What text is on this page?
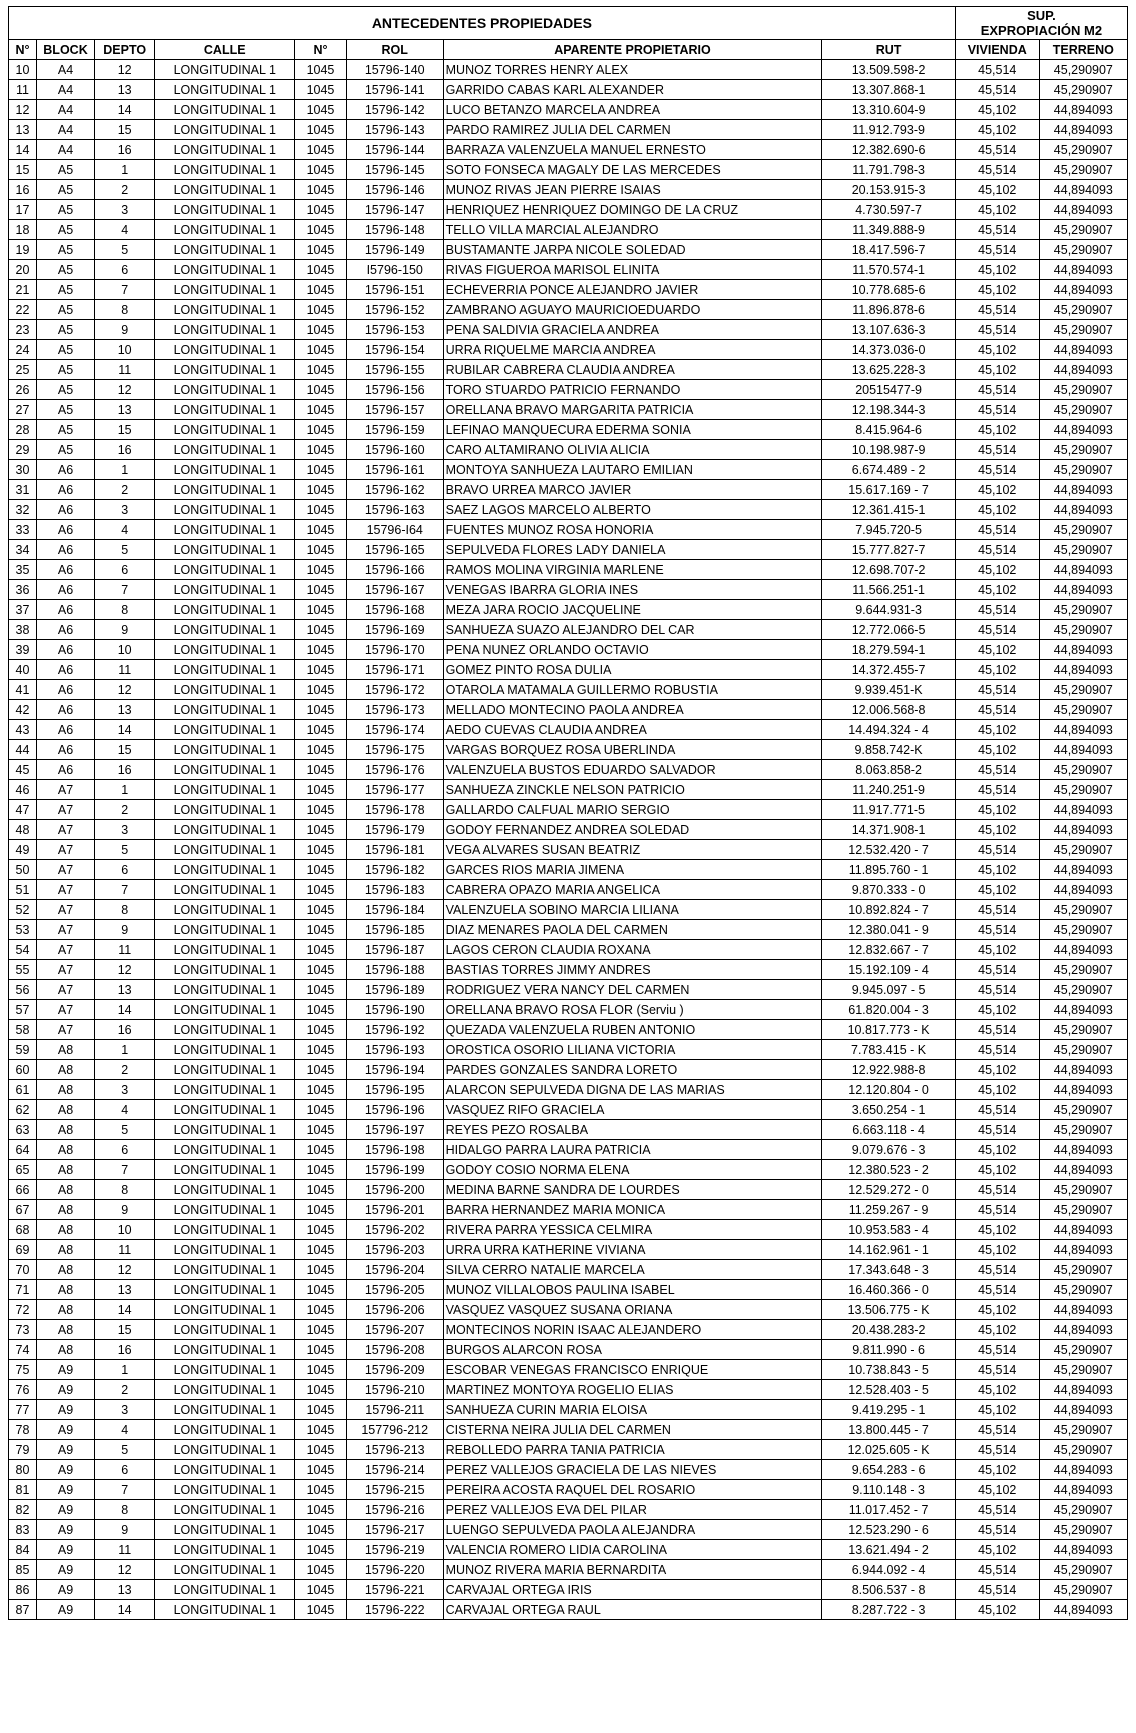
ANTECEDENTES PROPIEDADES								SUP.
EXPROPIACIÓN M2	

N°	BLOCK	DEPTO	CALLE	N°	ROL	APARENTE PROPIETARIO	RUT	VIVIENDA	TERRENO
10	A4	12	LONGITUDINAL 1	1045	15796-140	MUNOZ TORRES HENRY ALEX	13.509.598-2	45,514	45,290907
11	A4	13	LONGITUDINAL 1	1045	15796-141	GARRIDO CABAS KARL ALEXANDER	13.307.868-1	45,514	45,290907
12	A4	14	LONGITUDINAL 1	1045	15796-142	LUCO BETANZO MARCELA ANDREA	13.310.604-9	45,102	44,894093
13	A4	15	LONGITUDINAL 1	1045	15796-143	PARDO RAMIREZ JULIA DEL CARMEN	11.912.793-9	45,102	44,894093
14	A4	16	LONGITUDINAL 1	1045	15796-144	BARRAZA VALENZUELA MANUEL ERNESTO	12.382.690-6	45,514	45,290907
15	A5	1	LONGITUDINAL 1	1045	15796-145	SOTO FONSECA MAGALY DE LAS MERCEDES	11.791.798-3	45,514	45,290907
16	A5	2	LONGITUDINAL 1	1045	15796-146	MUNOZ RIVAS JEAN PIERRE ISAIAS	20.153.915-3	45,102	44,894093
17	A5	3	LONGITUDINAL 1	1045	15796-147	HENRIQUEZ HENRIQUEZ DOMINGO DE LA CRUZ	4.730.597-7	45,102	44,894093
18	A5	4	LONGITUDINAL 1	1045	15796-148	TELLO VILLA MARCIAL ALEJANDRO	11.349.888-9	45,514	45,290907
19	A5	5	LONGITUDINAL 1	1045	15796-149	BUSTAMANTE JARPA NICOLE SOLEDAD	18.417.596-7	45,514	45,290907
20	A5	6	LONGITUDINAL 1	1045	I5796-150	RIVAS FIGUEROA MARISOL ELINITA	11.570.574-1	45,102	44,894093
21	A5	7	LONGITUDINAL 1	1045	15796-151	ECHEVERRIA PONCE ALEJANDRO JAVIER	10.778.685-6	45,102	44,894093
22	A5	8	LONGITUDINAL 1	1045	15796-152	ZAMBRANO AGUAYO MAURICIOEDUARDO	11.896.878-6	45,514	45,290907
23	A5	9	LONGITUDINAL 1	1045	15796-153	PENA SALDIVIA GRACIELA ANDREA	13.107.636-3	45,514	45,290907
24	A5	10	LONGITUDINAL 1	1045	15796-154	URRA RIQUELME MARCIA ANDREA	14.373.036-0	45,102	44,894093
25	A5	11	LONGITUDINAL 1	1045	15796-155	RUBILAR CABRERA CLAUDIA ANDREA	13.625.228-3	45,102	44,894093
26	A5	12	LONGITUDINAL 1	1045	15796-156	TORO STUARDO PATRICIO FERNANDO	20515477-9	45,514	45,290907
27	A5	13	LONGITUDINAL 1	1045	15796-157	ORELLANA BRAVO MARGARITA PATRICIA	12.198.344-3	45,514	45,290907
28	A5	15	LONGITUDINAL 1	1045	15796-159	LEFINAO MANQUECURA EDERMA SONIA	8.415.964-6	45,102	44,894093
29	A5	16	LONGITUDINAL 1	1045	15796-160	CARO ALTAMIRANO OLIVIA ALICIA	10.198.987-9	45,514	45,290907
30	A6	1	LONGITUDINAL 1	1045	15796-161	MONTOYA SANHUEZA LAUTARO EMILIAN	6.674.489 - 2	45,514	45,290907
31	A6	2	LONGITUDINAL 1	1045	15796-162	BRAVO URREA MARCO JAVIER	15.617.169 - 7	45,102	44,894093
32	A6	3	LONGITUDINAL 1	1045	15796-163	SAEZ LAGOS MARCELO ALBERTO	12.361.415-1	45,102	44,894093
33	A6	4	LONGITUDINAL 1	1045	15796-I64	FUENTES MUNOZ ROSA HONORIA	7.945.720-5	45,514	45,290907
34	A6	5	LONGITUDINAL 1	1045	15796-165	SEPULVEDA FLORES LADY DANIELA	15.777.827-7	45,514	45,290907
35	A6	6	LONGITUDINAL 1	1045	15796-166	RAMOS MOLINA VIRGINIA MARLENE	12.698.707-2	45,102	44,894093
36	A6	7	LONGITUDINAL 1	1045	15796-167	VENEGAS IBARRA GLORIA INES	11.566.251-1	45,102	44,894093
37	A6	8	LONGITUDINAL 1	1045	15796-168	MEZA JARA ROCIO JACQUELINE	9.644.931-3	45,514	45,290907
38	A6	9	LONGITUDINAL 1	1045	15796-169	SANHUEZA SUAZO ALEJANDRO DEL CAR	12.772.066-5	45,514	45,290907
39	A6	10	LONGITUDINAL 1	1045	15796-170	PENA NUNEZ ORLANDO OCTAVIO	18.279.594-1	45,102	44,894093
40	A6	11	LONGITUDINAL 1	1045	15796-171	GOMEZ PINTO ROSA DULIA	14.372.455-7	45,102	44,894093
41	A6	12	LONGITUDINAL 1	1045	15796-172	OTAROLA MATAMALA GUILLERMO ROBUSTIA	9.939.451-K	45,514	45,290907
42	A6	13	LONGITUDINAL 1	1045	15796-173	MELLADO MONTECINO PAOLA ANDREA	12.006.568-8	45,514	45,290907
43	A6	14	LONGITUDINAL 1	1045	15796-174	AEDO CUEVAS CLAUDIA ANDREA	14.494.324 - 4	45,102	44,894093
44	A6	15	LONGITUDINAL 1	1045	15796-175	VARGAS BORQUEZ ROSA UBERLINDA	9.858.742-K	45,102	44,894093
45	A6	16	LONGITUDINAL 1	1045	15796-176	VALENZUELA BUSTOS EDUARDO SALVADOR	8.063.858-2	45,514	45,290907
46	A7	1	LONGITUDINAL 1	1045	15796-177	SANHUEZA ZINCKLE NELSON PATRICIO	11.240.251-9	45,514	45,290907
47	A7	2	LONGITUDINAL 1	1045	15796-178	GALLARDO CALFUAL MARIO SERGIO	11.917.771-5	45,102	44,894093
48	A7	3	LONGITUDINAL 1	1045	15796-179	GODOY FERNANDEZ ANDREA SOLEDAD	14.371.908-1	45,102	44,894093
49	A7	5	LONGITUDINAL 1	1045	15796-181	VEGA ALVARES SUSAN BEATRIZ	12.532.420 - 7	45,514	45,290907
50	A7	6	LONGITUDINAL 1	1045	15796-182	GARCES RIOS MARIA JIMENA	11.895.760 - 1	45,102	44,894093
51	A7	7	LONGITUDINAL 1	1045	15796-183	CABRERA OPAZO MARIA ANGELICA	9.870.333 - 0	45,102	44,894093
52	A7	8	LONGITUDINAL 1	1045	15796-184	VALENZUELA SOBINO MARCIA LILIANA	10.892.824 - 7	45,514	45,290907
53	A7	9	LONGITUDINAL 1	1045	15796-185	DIAZ MENARES PAOLA DEL CARMEN	12.380.041 - 9	45,514	45,290907
54	A7	11	LONGITUDINAL 1	1045	15796-187	LAGOS CERON CLAUDIA ROXANA	12.832.667 - 7	45,102	44,894093
55	A7	12	LONGITUDINAL 1	1045	15796-188	BASTIAS TORRES JIMMY ANDRES	15.192.109 - 4	45,514	45,290907
56	A7	13	LONGITUDINAL 1	1045	15796-189	RODRIGUEZ VERA NANCY DEL CARMEN	9.945.097 - 5	45,514	45,290907
57	A7	14	LONGITUDINAL 1	1045	15796-190	ORELLANA BRAVO ROSA FLOR (Serviu )	61.820.004 - 3	45,102	44,894093
58	A7	16	LONGITUDINAL 1	1045	15796-192	QUEZADA VALENZUELA RUBEN ANTONIO	10.817.773 - K	45,514	45,290907
59	A8	1	LONGITUDINAL 1	1045	15796-193	OROSTICA OSORIO LILIANA VICTORIA	7.783.415 - K	45,514	45,290907
60	A8	2	LONGITUDINAL 1	1045	15796-194	PARDES GONZALES SANDRA LORETO	12.922.988-8	45,102	44,894093
61	A8	3	LONGITUDINAL 1	1045	15796-195	ALARCON SEPULVEDA DIGNA DE LAS MARIAS	12.120.804 - 0	45,102	44,894093
62	A8	4	LONGITUDINAL 1	1045	15796-196	VASQUEZ RIFO GRACIELA	3.650.254 - 1	45,514	45,290907
63	A8	5	LONGITUDINAL 1	1045	15796-197	REYES PEZO ROSALBA	6.663.118 - 4	45,514	45,290907
64	A8	6	LONGITUDINAL 1	1045	15796-198	HIDALGO PARRA LAURA PATRICIA	9.079.676 - 3	45,102	44,894093
65	A8	7	LONGITUDINAL 1	1045	15796-199	GODOY COSIO NORMA ELENA	12.380.523 - 2	45,102	44,894093
66	A8	8	LONGITUDINAL 1	1045	15796-200	MEDINA BARNE SANDRA DE LOURDES	12.529.272 - 0	45,514	45,290907
67	A8	9	LONGITUDINAL 1	1045	15796-201	BARRA HERNANDEZ MARIA MONICA	11.259.267 - 9	45,514	45,290907
68	A8	10	LONGITUDINAL 1	1045	15796-202	RIVERA PARRA YESSICA CELMIRA	10.953.583 - 4	45,102	44,894093
69	A8	11	LONGITUDINAL 1	1045	15796-203	URRA URRA KATHERINE VIVIANA	14.162.961 - 1	45,102	44,894093
70	A8	12	LONGITUDINAL 1	1045	15796-204	SILVA CERRO NATALIE MARCELA	17.343.648 - 3	45,514	45,290907
71	A8	13	LONGITUDINAL 1	1045	15796-205	MUNOZ VILLALOBOS PAULINA ISABEL	16.460.366 - 0	45,514	45,290907
72	A8	14	LONGITUDINAL 1	1045	15796-206	VASQUEZ VASQUEZ SUSANA ORIANA	13.506.775 - K	45,102	44,894093
73	A8	15	LONGITUDINAL 1	1045	15796-207	MONTECINOS NORIN ISAAC ALEJANDERO	20.438.283-2	45,102	44,894093
74	A8	16	LONGITUDINAL 1	1045	15796-208	BURGOS ALARCON ROSA	9.811.990 - 6	45,514	45,290907
75	A9	1	LONGITUDINAL 1	1045	15796-209	ESCOBAR VENEGAS FRANCISCO ENRIQUE	10.738.843 - 5	45,514	45,290907
76	A9	2	LONGITUDINAL 1	1045	15796-210	MARTINEZ MONTOYA ROGELIO ELIAS	12.528.403 - 5	45,102	44,894093
77	A9	3	LONGITUDINAL 1	1045	15796-211	SANHUEZA CURIN MARIA ELOISA	9.419.295 - 1	45,102	44,894093
78	A9	4	LONGITUDINAL 1	1045	157796-212	CISTERNA NEIRA JULIA DEL CARMEN	13.800.445 - 7	45,514	45,290907
79	A9	5	LONGITUDINAL 1	1045	15796-213	REBOLLEDO PARRA TANIA PATRICIA	12.025.605 - K	45,514	45,290907
80	A9	6	LONGITUDINAL 1	1045	15796-214	PEREZ VALLEJOS GRACIELA DE LAS NIEVES	9.654.283 - 6	45,102	44,894093
81	A9	7	LONGITUDINAL 1	1045	15796-215	PEREIRA ACOSTA RAQUEL DEL ROSARIO	9.110.148 - 3	45,102	44,894093
82	A9	8	LONGITUDINAL 1	1045	15796-216	PEREZ VALLEJOS EVA DEL PILAR	11.017.452 - 7	45,514	45,290907
83	A9	9	LONGITUDINAL 1	1045	15796-217	LUENGO SEPULVEDA PAOLA ALEJANDRA	12.523.290 - 6	45,514	45,290907
84	A9	11	LONGITUDINAL 1	1045	15796-219	VALENCIA ROMERO LIDIA CAROLINA	13.621.494 - 2	45,102	44,894093
85	A9	12	LONGITUDINAL 1	1045	15796-220	MUNOZ RIVERA MARIA BERNARDITA	6.944.092 - 4	45,514	45,290907
86	A9	13	LONGITUDINAL 1	1045	15796-221	CARVAJAL ORTEGA IRIS	8.506.537 - 8	45,514	45,290907
87	A9	14	LONGITUDINAL 1	1045	15796-222	CARVAJAL ORTEGA RAUL	8.287.722 - 3	45,102	44,894093
